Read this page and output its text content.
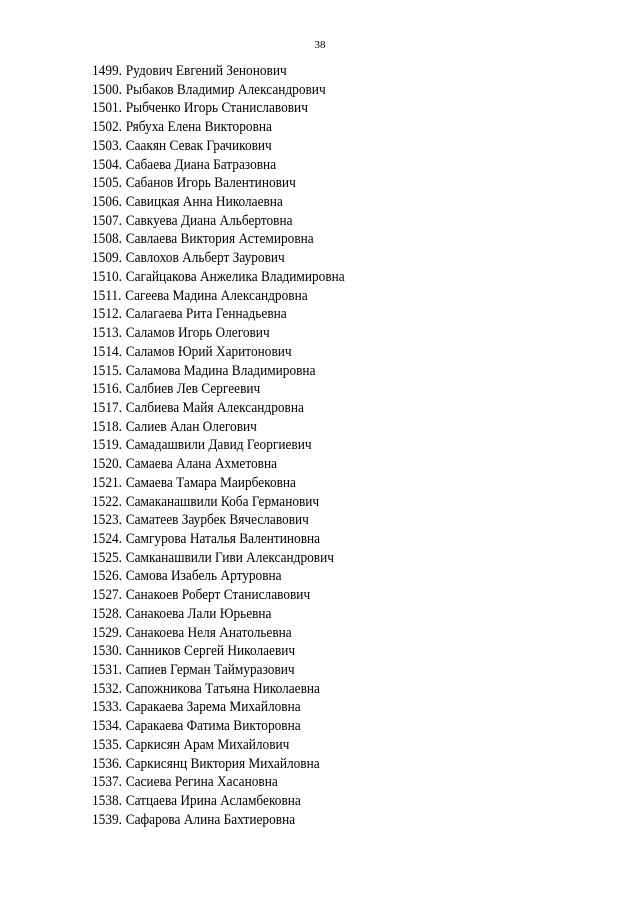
38
1499. Рудович Евгений Зенонович
1500. Рыбаков Владимир Александрович
1501. Рыбченко Игорь Станиславович
1502. Рябуха Елена Викторовна
1503. Саакян Севак Грачикович
1504. Сабаева Диана Батразовна
1505. Сабанов Игорь Валентинович
1506. Савицкая Анна Николаевна
1507. Савкуева Диана Альбертовна
1508. Савлаева Виктория Астемировна
1509. Савлохов Альберт Заурович
1510. Сагайцакова Анжелика Владимировна
1511. Сагеева Мадина Александровна
1512. Салагаева Рита Геннадьевна
1513. Саламов Игорь Олегович
1514. Саламов Юрий Харитонович
1515. Саламова Мадина Владимировна
1516. Салбиев Лев Сергеевич
1517. Салбиева Майя Александровна
1518. Салиев Алан Олегович
1519. Самадашвили Давид Георгиевич
1520. Самаева Алана Ахметовна
1521. Самаева Тамара Маирбековна
1522. Самаканашвили Коба Германович
1523. Саматеев Заурбек Вячеславович
1524. Самгурова Наталья Валентиновна
1525. Самканашвили Гиви Александрович
1526. Самова Изабель Артуровна
1527. Санакоев Роберт Станиславович
1528. Санакоева Лали Юрьевна
1529. Санакоева Неля Анатольевна
1530. Санников Сергей Николаевич
1531. Сапиев Герман Таймуразович
1532. Сапожникова Татьяна Николаевна
1533. Саракаева Зарема Михайловна
1534. Саракаева Фатима Викторовна
1535. Саркисян Арам Михайлович
1536. Саркисянц Виктория Михайловна
1537. Сасиева Регина Хасановна
1538. Сатцаева Ирина Асламбековна
1539. Сафарова Алина Бахтиеровна
